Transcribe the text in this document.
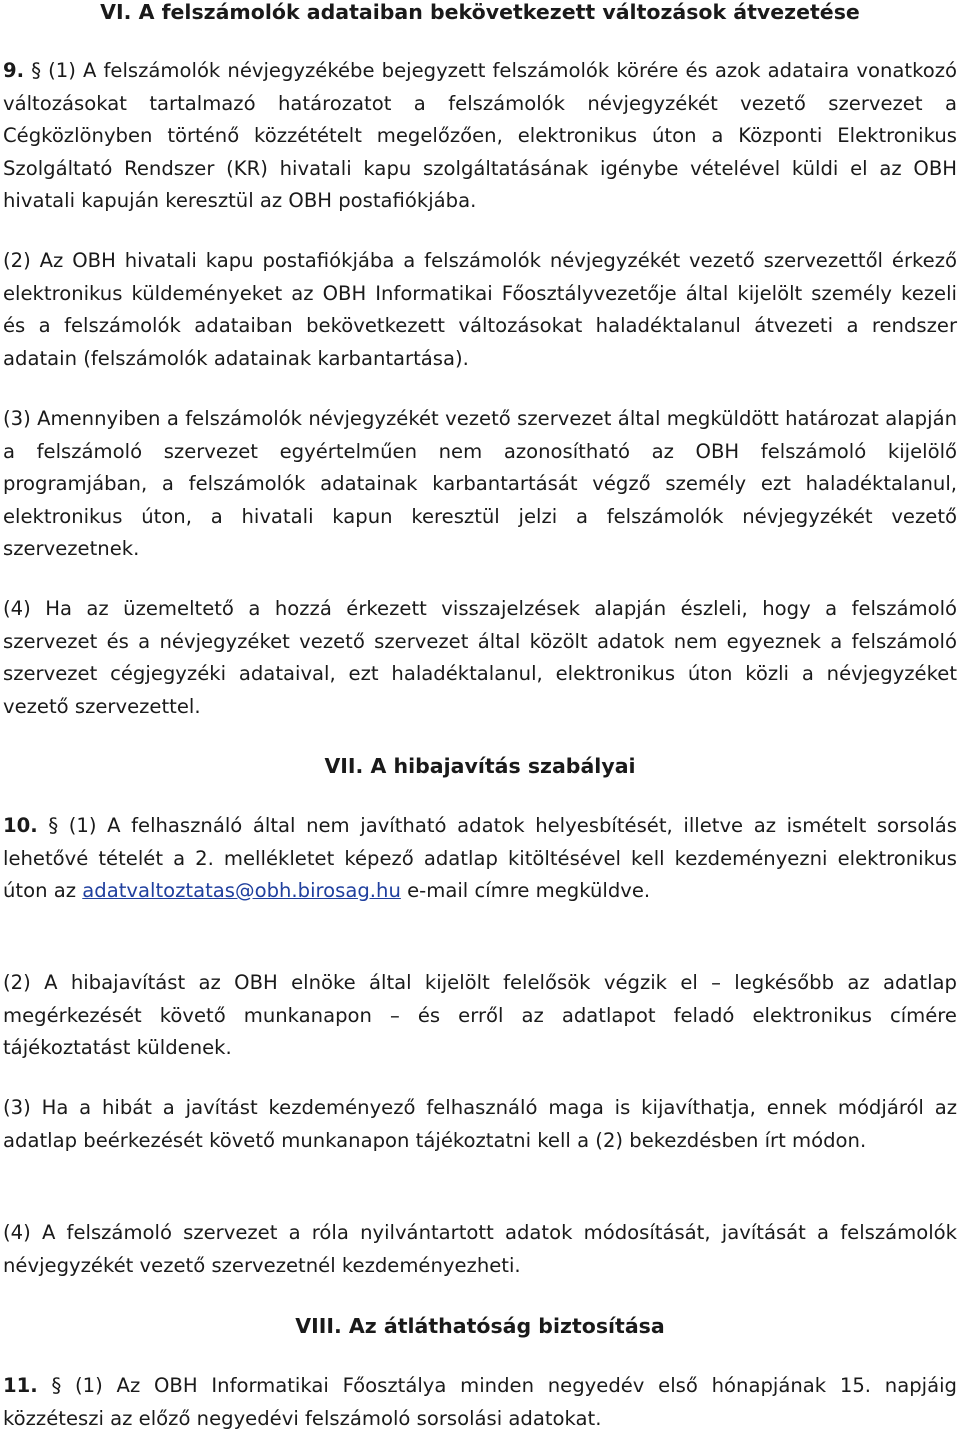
VI. A felszámolók adataiban bekövetkezett változások átvezetése
9. § (1) A felszámolók névjegyzékébe bejegyzett felszámolók körére és azok adataira vonatkozó változásokat tartalmazó határozatot a felszámolók névjegyzékét vezető szervezet a Cégközlönyben történő közzétételt megelőzően, elektronikus úton a Központi Elektronikus Szolgáltató Rendszer (KR) hivatali kapu szolgáltatásának igénybe vételével küldi el az OBH hivatali kapuján keresztül az OBH postafiókjába.
(2) Az OBH hivatali kapu postafiókjába a felszámolók névjegyzékét vezető szervezettől érkező elektronikus küldeményeket az OBH Informatikai Főosztályvezetője által kijelölt személy kezeli és a felszámolók adataiban bekövetkezett változásokat haladéktalanul átvezeti a rendszer adatain (felszámolók adatainak karbantartása).
(3) Amennyiben a felszámolók névjegyzékét vezető szervezet által megküldött határozat alapján a felszámoló szervezet egyértelműen nem azonosítható az OBH felszámoló kijelölő programjában, a felszámolók adatainak karbantartását végző személy ezt haladéktalanul, elektronikus úton, a hivatali kapun keresztül jelzi a felszámolók névjegyzékét vezető szervezetnek.
(4) Ha az üzemeltető a hozzá érkezett visszajelzések alapján észleli, hogy a felszámoló szervezet és a névjegyzéket vezető szervezet által közölt adatok nem egyeznek a felszámoló szervezet cégjegyzéki adataival, ezt haladéktalanul, elektronikus úton közli a névjegyzéket vezető szervezettel.
VII. A hibajavítás szabályai
10. § (1) A felhasználó által nem javítható adatok helyesbítését, illetve az ismételt sorsolás lehetővé tételét a 2. mellékletet képező adatlap kitöltésével kell kezdeményezni elektronikus úton az adatvaltoztatas@obh.birosag.hu e-mail címre megküldve.
(2) A hibajavítást az OBH elnöke által kijelölt felelősök végzik el – legkésőbb az adatlap megérkezését követő munkanapon – és erről az adatlapot feladó elektronikus címére tájékoztatást küldenek.
(3) Ha a hibát a javítást kezdeményező felhasználó maga is kijavíthatja, ennek módjáról az adatlap beérkezését követő munkanapon tájékoztatni kell a (2) bekezdésben írt módon.
(4) A felszámoló szervezet a róla nyilvántartott adatok módosítását, javítását a felszámolók névjegyzékét vezető szervezetnél kezdeményezheti.
VIII. Az átláthatóság biztosítása
11. § (1) Az OBH Informatikai Főosztálya minden negyedév első hónapjának 15. napjáig közzéteszi az előző negyedévi felszámoló sorsolási adatokat.
